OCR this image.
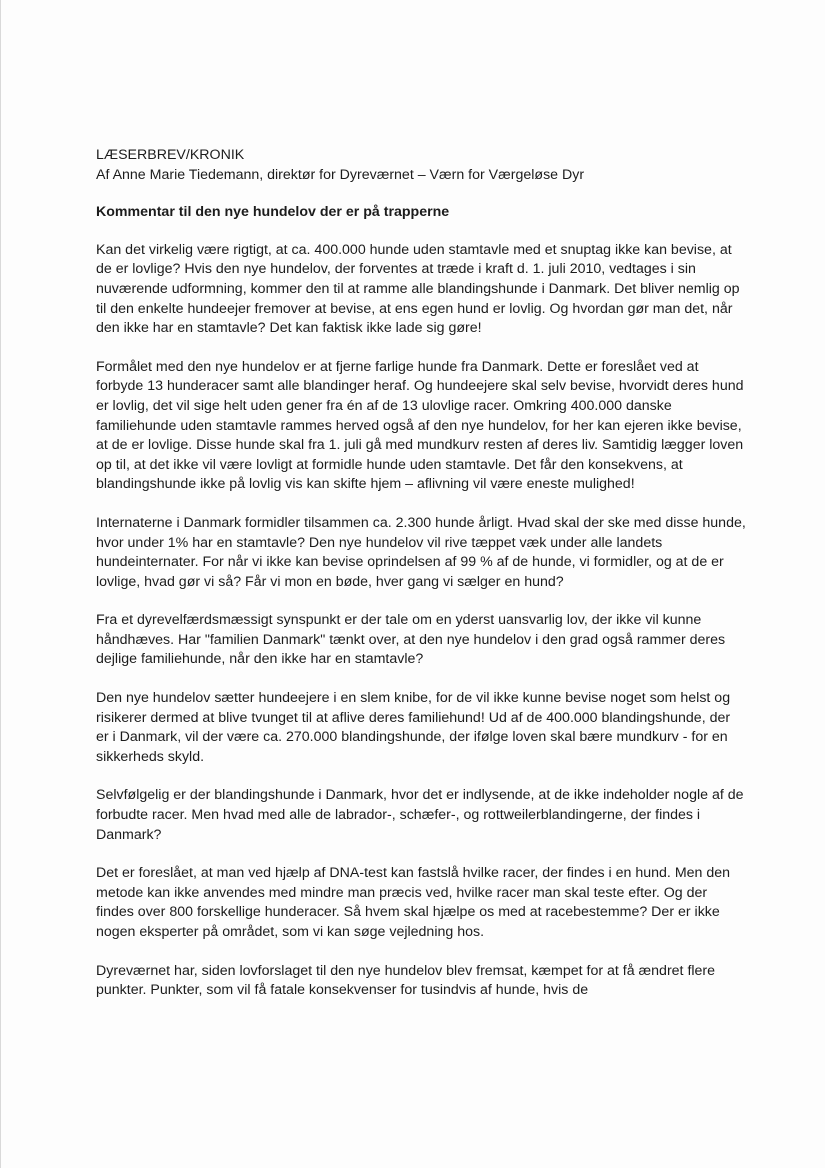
LÆSERBREV/KRONIK

Af Anne Marie Tiedemann, direktør for Dyreværnet – Værn for Værgeløse Dyr

Kommentar til den nye hundelov der er på trapperne

Kan det virkelig være rigtigt, at ca. 400.000 hunde uden stamtavle med et snuptag ikke kan bevise, at de er lovlige? Hvis den nye hundelov, der forventes at træde i kraft d. 1. juli 2010, vedtages i sin nuværende udformning, kommer den til at ramme alle blandingshunde i Danmark. Det bliver nemlig op til den enkelte hundeejer fremover at bevise, at ens egen hund er lovlig. Og hvordan gør man det, når den ikke har en stamtavle? Det kan faktisk ikke lade sig gøre!

Formålet med den nye hundelov er at fjerne farlige hunde fra Danmark. Dette er foreslået ved at forbyde 13 hunderacer samt alle blandinger heraf. Og hundeejere skal selv bevise, hvorvidt deres hund er lovlig, det vil sige helt uden gener fra én af de 13 ulovlige racer. Omkring 400.000 danske familiehunde uden stamtavle rammes herved også af den nye hundelov, for her kan ejeren ikke bevise, at de er lovlige. Disse hunde skal fra 1. juli gå med mundkurv resten af deres liv. Samtidig lægger loven op til, at det ikke vil være lovligt at formidle hunde uden stamtavle. Det får den konsekvens, at blandingshunde ikke på lovlig vis kan skifte hjem – aflivning vil være eneste mulighed!

Internaterne i Danmark formidler tilsammen ca. 2.300 hunde årligt. Hvad skal der ske med disse hunde, hvor under 1% har en stamtavle? Den nye hundelov vil rive tæppet væk under alle landets hundeinternater. For når vi ikke kan bevise oprindelsen af 99 % af de hunde, vi formidler, og at de er lovlige, hvad gør vi så? Får vi mon en bøde, hver gang vi sælger en hund?

Fra et dyrevelfærdsmæssigt synspunkt er der tale om en yderst uansvarlig lov, der ikke vil kunne håndhæves. Har "familien Danmark" tænkt over, at den nye hundelov i den grad også rammer deres dejlige familiehunde, når den ikke har en stamtavle?

Den nye hundelov sætter hundeejere i en slem knibe, for de vil ikke kunne bevise noget som helst og risikerer dermed at blive tvunget til at aflive deres familiehund! Ud af de 400.000 blandingshunde, der er i Danmark, vil der være ca. 270.000 blandingshunde, der ifølge loven skal bære mundkurv - for en sikkerheds skyld.

Selvfølgelig er der blandingshunde i Danmark, hvor det er indlysende, at de ikke indeholder nogle af de forbudte racer. Men hvad med alle de labrador-, schæfer-, og rottweilerblandingerne, der findes i Danmark?

Det er foreslået, at man ved hjælp af DNA-test kan fastslå hvilke racer, der findes i en hund. Men den metode kan ikke anvendes med mindre man præcis ved, hvilke racer man skal teste efter. Og der findes over 800 forskellige hunderacer. Så hvem skal hjælpe os med at racebestemme? Der er ikke nogen eksperter på området, som vi kan søge vejledning hos.

Dyreværnet har, siden lovforslaget til den nye hundelov blev fremsat, kæmpet for at få ændret flere punkter. Punkter, som vil få fatale konsekvenser for tusindvis af hunde, hvis de
